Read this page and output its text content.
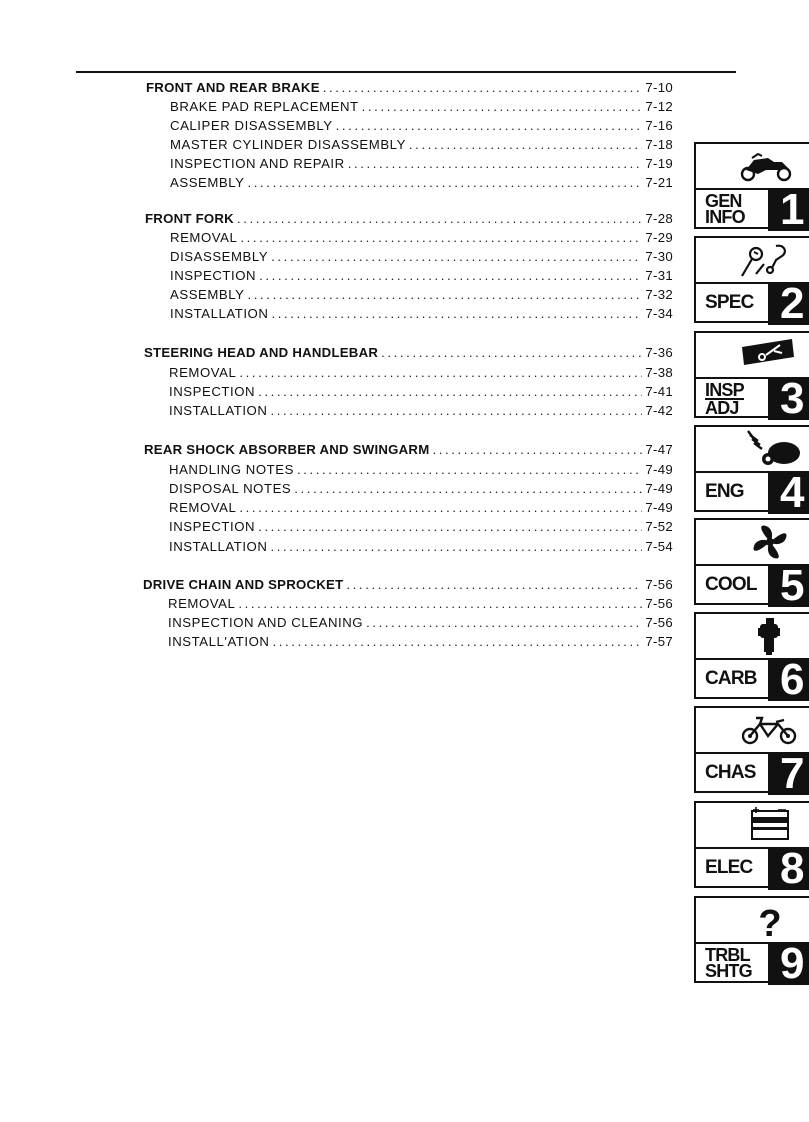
FRONT AND REAR BRAKE .....	7-10
BRAKE PAD REPLACEMENT .....	7-12
CALIPER DISASSEMBLY .....	7-16
MASTER CYLINDER DISASSEMBLY .....	7-18
INSPECTION AND REPAIR .....	7-19
ASSEMBLY .....	7-21
FRONT FORK .....	7-28
REMOVAL .....	7-29
DISASSEMBLY .....	7-30
INSPECTION .....	7-31
ASSEMBLY .....	7-32
INSTALLATION .....	7-34
STEERING HEAD AND HANDLEBAR .....	7-36
REMOVAL .....	7-38
INSPECTION .....	7-41
INSTALLATION .....	7-42
REAR SHOCK ABSORBER AND SWINGARM .....	7-47
HANDLING NOTES .....	7-49
DISPOSAL NOTES .....	7-49
REMOVAL .....	7-49
INSPECTION .....	7-52
INSTALLATION .....	7-54
DRIVE CHAIN AND SPROCKET .....	7-56
REMOVAL .....	7-56
INSPECTION AND CLEANING .....	7-56
INSTALL'ATION .....	7-57
GEN
INFO 1
SPEC 2
INSP
ADJ 3
ENG 4
COOL 5
CARB 6
CHAS 7
ELEC 8
?
TRBL
SHTG 9
